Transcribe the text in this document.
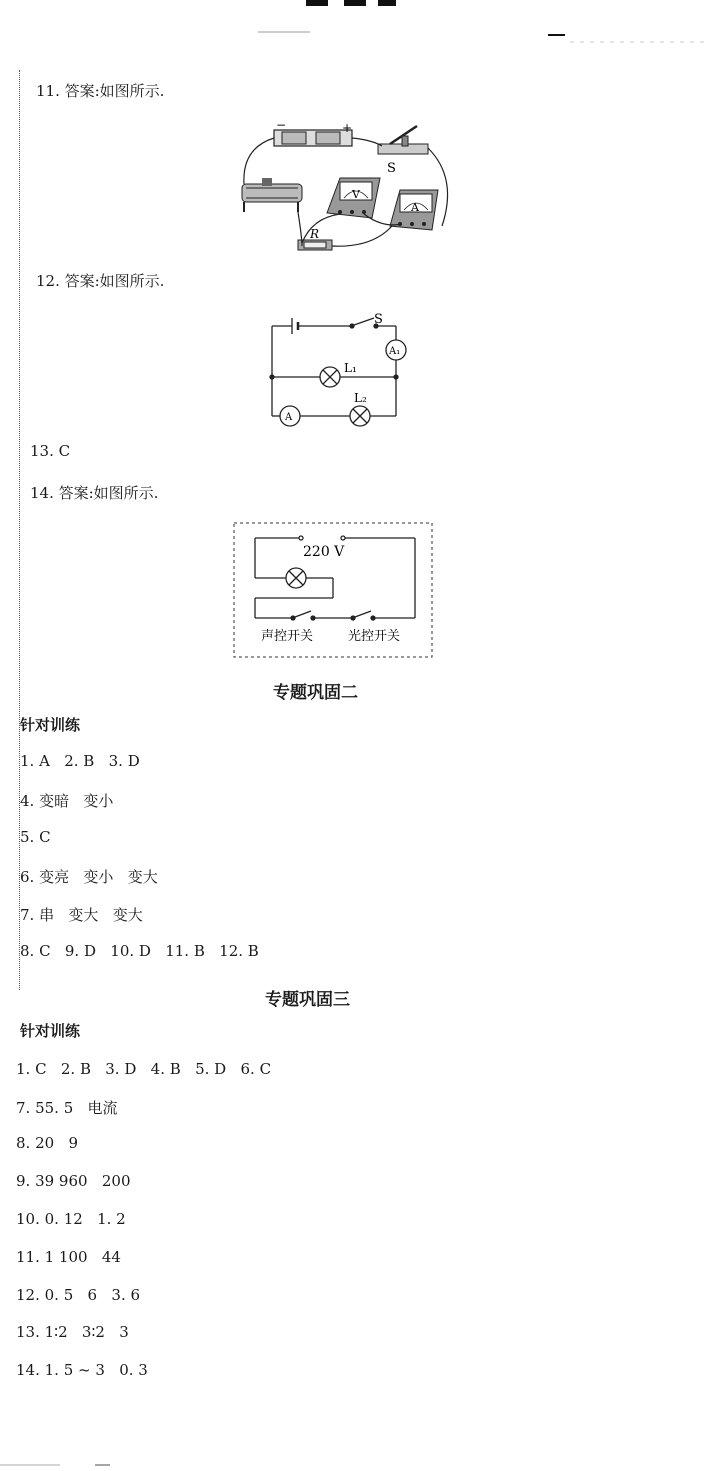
11. 答案:如图所示.
−	+
S
V
A
R
12. 答案:如图所示.
S
A₁
L₁
A
L₂
13. C
14. 答案:如图所示.
220 V
声控开关	光控开关
专题巩固二
针对训练
1. A   2. B   3. D
4. 变暗   变小
5. C
6. 变亮   变小   变大
7. 串   变大   变大
8. C   9. D   10. D   11. B   12. B
专题巩固三
针对训练
1. C   2. B   3. D   4. B   5. D   6. C
7. 55. 5   电流
8. 20   9
9. 39 960   200
10. 0. 12   1. 2
11. 1 100   44
12. 0. 5   6   3. 6
13. 1∶2   3∶2   3
14. 1. 5 ~ 3   0. 3
